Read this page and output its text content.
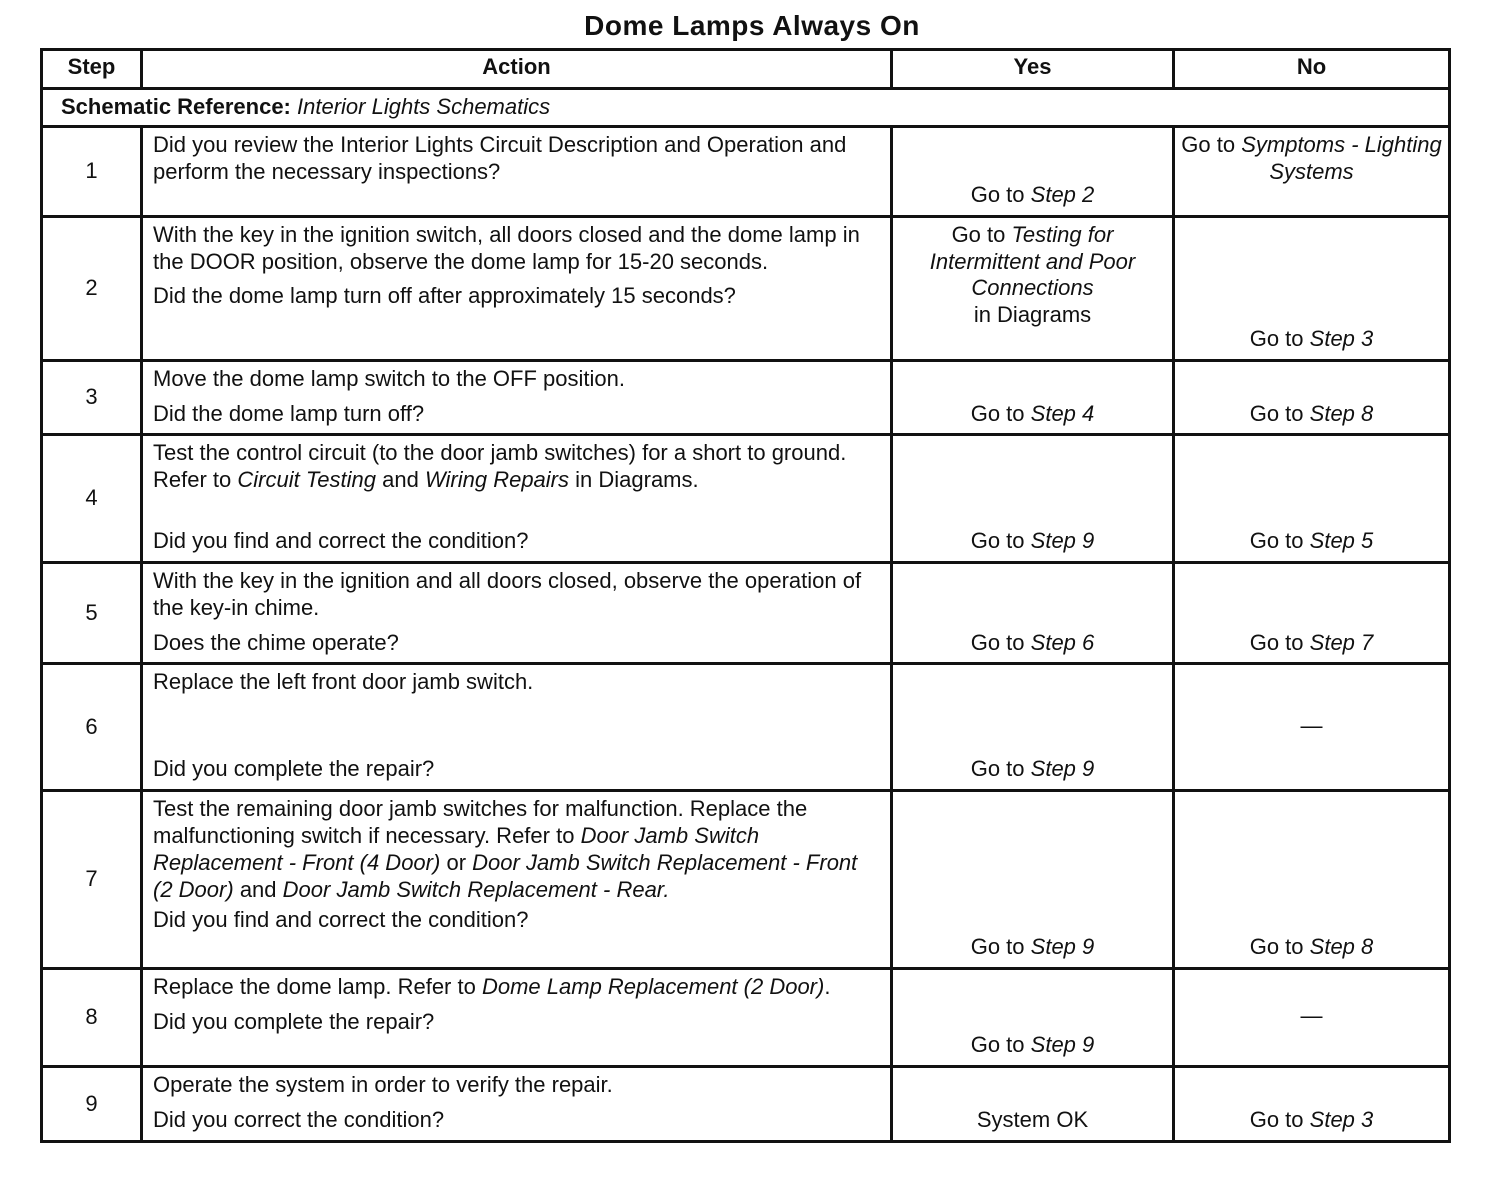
Dome Lamps Always On
Step	Action	Yes	No
Schematic Reference: Interior Lights Schematics			
1	Did you review the Interior Lights Circuit Description and Operation and perform the necessary inspections?	Go to Step 2	Go to Symptoms - Lighting Systems
2	With the key in the ignition switch, all doors closed and the dome lamp in the DOOR position, observe the dome lamp for 15-20 seconds.
Did the dome lamp turn off after approximately 15 seconds?	Go to Testing for Intermittent and Poor Connections
in Diagrams	Go to Step 3
3	Move the dome lamp switch to the OFF position.
Did the dome lamp turn off?	Go to Step 4	Go to Step 8
4	Test the control circuit (to the door jamb switches) for a short to ground. Refer to Circuit Testing and Wiring Repairs in Diagrams.
Did you find and correct the condition?	Go to Step 9	Go to Step 5
5	With the key in the ignition and all doors closed, observe the operation of the key-in chime.
Does the chime operate?	Go to Step 6	Go to Step 7
6	Replace the left front door jamb switch.
Did you complete the repair?	Go to Step 9	—
7	Test the remaining door jamb switches for malfunction. Replace the malfunctioning switch if necessary. Refer to Door Jamb Switch Replacement - Front (4 Door) or Door Jamb Switch Replacement - Front (2 Door) and Door Jamb Switch Replacement - Rear.
Did you find and correct the condition?	Go to Step 9	Go to Step 8
8	Replace the dome lamp. Refer to Dome Lamp Replacement (2 Door).
Did you complete the repair?	Go to Step 9	—
9	Operate the system in order to verify the repair.
Did you correct the condition?	System OK	Go to Step 3
